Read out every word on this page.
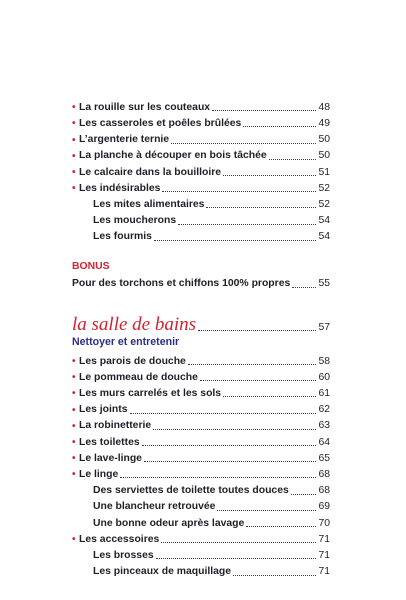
• La rouille sur les couteaux	48
• Les casseroles et poêles brûlées	49
• L’argenterie ternie	50
• La planche à découper en bois tâchée	50
• Le calcaire dans la bouilloire	51
• Les indésirables	52
Les mites alimentaires	52
Les moucherons	54
Les fourmis	54
BONUS
Pour des torchons et chiffons 100% propres	55
la salle de bains	57
Nettoyer et entretenir
• Les parois de douche	58
• Le pommeau de douche	60
• Les murs carrelés et les sols	61
• Les joints	62
• La robinetterie	63
• Les toilettes	64
• Le lave-linge	65
• Le linge	68
Des serviettes de toilette toutes douces	68
Une blancheur retrouvée	69
Une bonne odeur après lavage	70
• Les accessoires	71
Les brosses	71
Les pinceaux de maquillage	71
